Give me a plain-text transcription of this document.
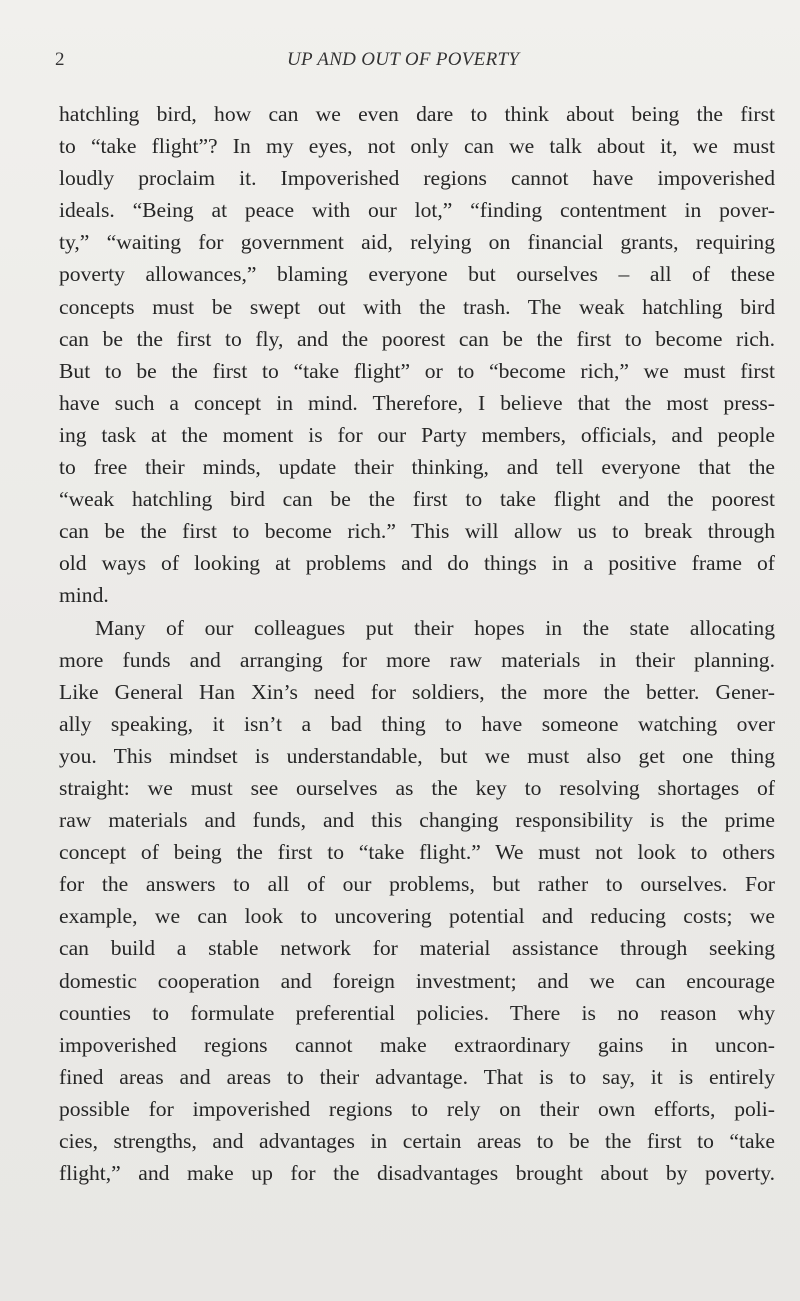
2	UP AND OUT OF POVERTY

hatchling bird, how can we even dare to think about being the first
to “take flight”? In my eyes, not only can we talk about it, we must
loudly proclaim it. Impoverished regions cannot have impoverished
ideals. “Being at peace with our lot,” “finding contentment in pover-
ty,” “waiting for government aid, relying on financial grants, requiring
poverty allowances,” blaming everyone but ourselves – all of these
concepts must be swept out with the trash. The weak hatchling bird
can be the first to fly, and the poorest can be the first to become rich.
But to be the first to “take flight” or to “become rich,” we must first
have such a concept in mind. Therefore, I believe that the most press-
ing task at the moment is for our Party members, officials, and people
to free their minds, update their thinking, and tell everyone that the
“weak hatchling bird can be the first to take flight and the poorest
can be the first to become rich.” This will allow us to break through
old ways of looking at problems and do things in a positive frame of
mind.

Many of our colleagues put their hopes in the state allocating
more funds and arranging for more raw materials in their planning.
Like General Han Xin’s need for soldiers, the more the better. Gener-
ally speaking, it isn’t a bad thing to have someone watching over
you. This mindset is understandable, but we must also get one thing
straight: we must see ourselves as the key to resolving shortages of
raw materials and funds, and this changing responsibility is the prime
concept of being the first to “take flight.” We must not look to others
for the answers to all of our problems, but rather to ourselves. For
example, we can look to uncovering potential and reducing costs; we
can build a stable network for material assistance through seeking
domestic cooperation and foreign investment; and we can encourage
counties to formulate preferential policies. There is no reason why
impoverished regions cannot make extraordinary gains in uncon-
fined areas and areas to their advantage. That is to say, it is entirely
possible for impoverished regions to rely on their own efforts, poli-
cies, strengths, and advantages in certain areas to be the first to “take
flight,” and make up for the disadvantages brought about by poverty.
